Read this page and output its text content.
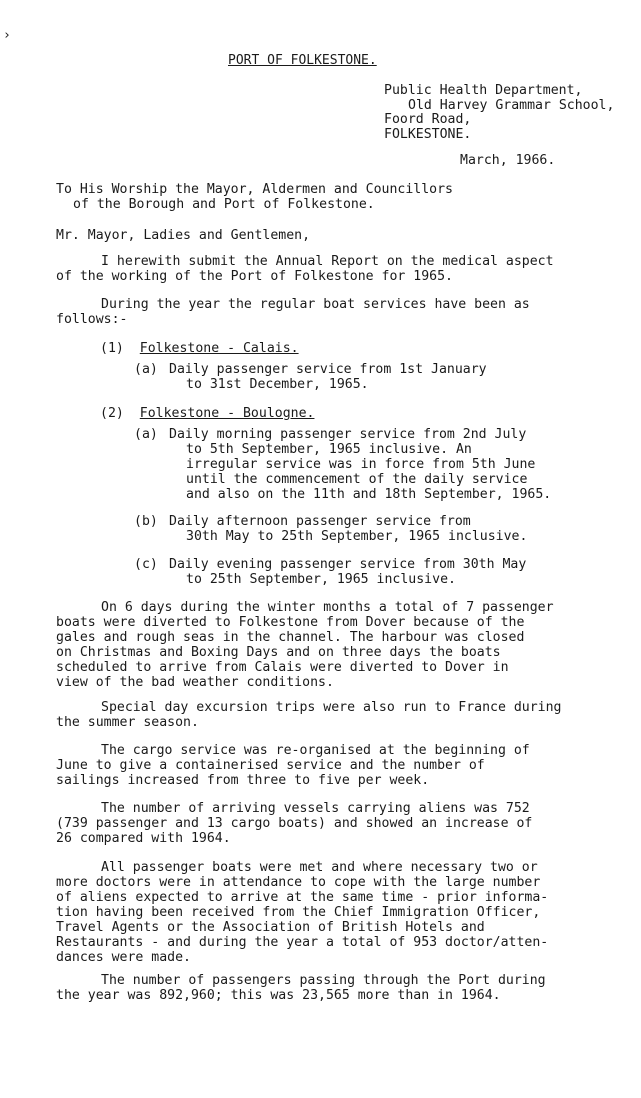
›
PORT OF FOLKESTONE.
Public Health Department,
Old Harvey Grammar School,
Foord Road,
FOLKESTONE.
March, 1966.
To His Worship the Mayor, Aldermen and Councillors
of the Borough and Port of Folkestone.
Mr. Mayor, Ladies and Gentlemen,
I herewith submit the Annual Report on the medical aspect
of the working of the Port of Folkestone for 1965.
During the year the regular boat services have been as
follows:-
(1) Folkestone - Calais.
(a) Daily passenger service from 1st January
to 31st December, 1965.
(2) Folkestone - Boulogne.
(a) Daily morning passenger service from 2nd July
to 5th September, 1965 inclusive. An
irregular service was in force from 5th June
until the commencement of the daily service
and also on the 11th and 18th September, 1965.
(b) Daily afternoon passenger service from
30th May to 25th September, 1965 inclusive.
(c) Daily evening passenger service from 30th May
to 25th September, 1965 inclusive.
On 6 days during the winter months a total of 7 passenger
boats were diverted to Folkestone from Dover because of the
gales and rough seas in the channel. The harbour was closed
on Christmas and Boxing Days and on three days the boats
scheduled to arrive from Calais were diverted to Dover in
view of the bad weather conditions.
Special day excursion trips were also run to France during
the summer season.
The cargo service was re-organised at the beginning of
June to give a containerised service and the number of
sailings increased from three to five per week.
The number of arriving vessels carrying aliens was 752
(739 passenger and 13 cargo boats) and showed an increase of
26 compared with 1964.
All passenger boats were met and where necessary two or
more doctors were in attendance to cope with the large number
of aliens expected to arrive at the same time - prior informa-
tion having been received from the Chief Immigration Officer,
Travel Agents or the Association of British Hotels and
Restaurants - and during the year a total of 953 doctor/atten-
dances were made.
The number of passengers passing through the Port during
the year was 892,960; this was 23,565 more than in 1964.
